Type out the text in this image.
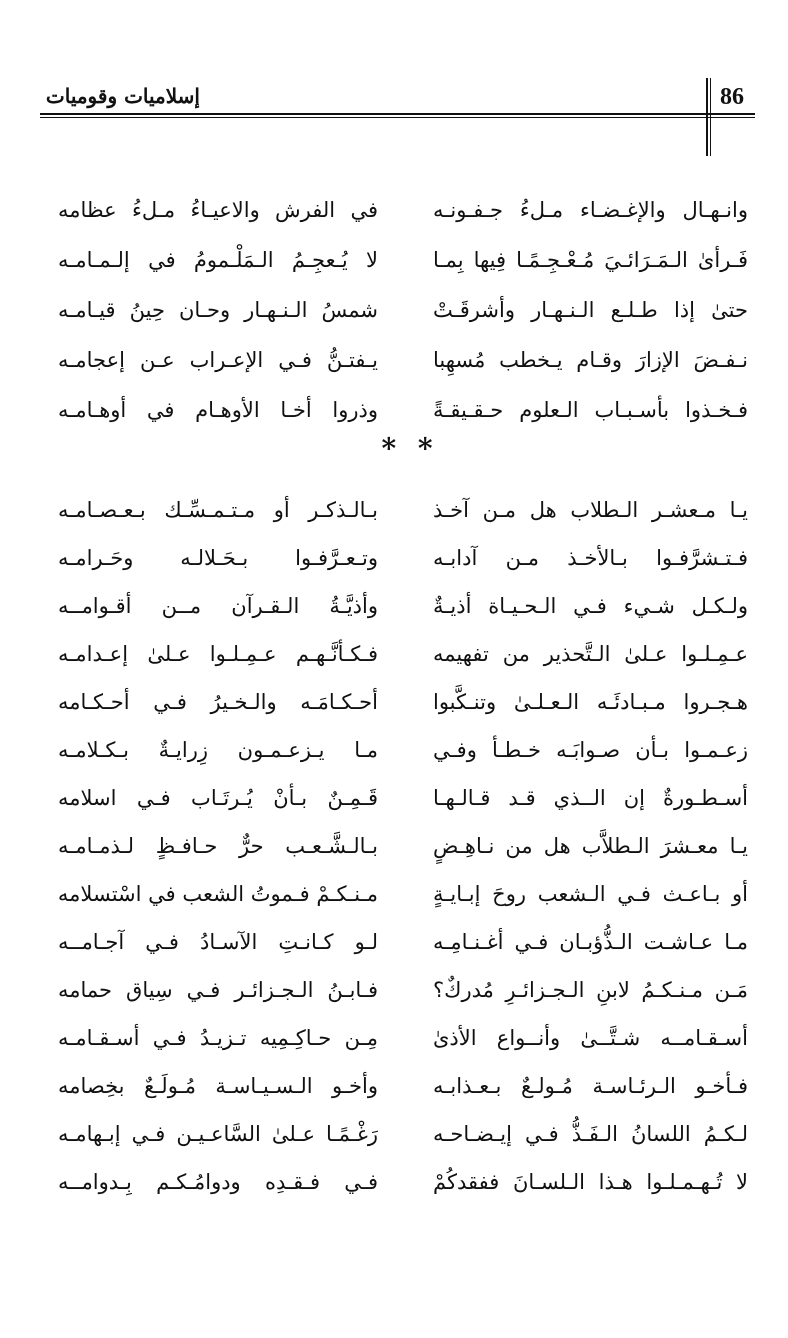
86
إسلاميات وقوميات
وانـهـال والإغـضـاء مـلءُ جـفـونـه
في الفرش والاعيـاءُ مـلءُ عظامه
فَـرأىٰ الـمَـرَائـيَ مُـعْـجِـمًـا فِيها بِمـا
لا يُـعجِـمُ الـمَلْـمومُ في إلـمـامـه
حتىٰ إذا طـلـع الـنـهـار وأشرقَـتْ
شمسُ الـنـهـار وحـان حِينُ قيـامـه
نـفـضَ الإزارَ وقـام يـخطب مُسهِبا
يـفتـنُّ فـي الإعـراب عـن إعجامـه
فـخـذوا بأسـبـاب الـعلوم حـقـيقـةً
وذروا أخـا الأوهـام في أوهـامـه
* *
يـا مـعشـر الـطلاب هل مـن آخـذ
بـالـذكـر أو مـتـمـسِّـك بـعـصـامـه
فـتـشرَّفـوا بـالأخـذ مـن آدابـه
وتـعـرَّفـوا بـحَـلالـه وحَـرامـه
ولـكـل شـيء فـي الـحـيـاة أذيـةٌ
وأذيَّـةُ الـقـرآن مــن أقـوامــه
عـمِـلـوا عـلىٰ الـتَّحذير من تفهيمه
فـكـأنَّـهـم عـمِـلـوا عـلىٰ إعـدامـه
هـجـروا مـبـادئَـه الـعـلـىٰ وتنـكَّبوا
أحـكـامَـه والـخـيرُ فـي أحـكـامه
زعـمـوا بـأن صـوابَـه خـطـأ وفـي
مـا يـزعـمـون زِرايـةٌ بـكـلامـه
أسـطـورةٌ إن الــذي قـد قـالـهـا
قَـمِـنٌ بـأنْ يُـرتَـاب فـي اسلامه
يـا معـشرَ الـطلاَّب هل من نـاهِـضٍ
بـالـشَّـعـب حرٌّ حـافـظٍ لـذمـامـه
أو بـاعـث فـي الـشعب روحَ إبـايـةٍ
مـنـكـمْ فـموتُ الشعب في اسْتسلامه
مـا عـاشـت الـذُّؤبـان فـي أغـنـامِـه
لـو كـانـتِ الآسـادُ فـي آجـامــه
مَـن مـنـكـمُ لابنِ الـجـزائـرِ مُدركٌ؟
فـابـنُ الـجـزائـر فـي سِياق حمامه
أسـقـامــه شـتَّــىٰ وأنــواع الأذىٰ
مِـن حـاكِـمِيه تـزيـدُ فـي أسـقـامـه
فـأخـو الـرئـاسـة مُـولـعٌ بـعـذابـه
وأخـو الـسـيـاسـة مُـولَـعٌ بخِصامه
لـكـمُ اللسانُ الـفَـذُّ فـي إيـضـاحـه
رَغْـمًـا عـلىٰ السَّاعـيـن فـي إبـهامـه
لا تُـهـمـلـوا هـذا الـلسـانَ ففقدكُمْ
فـي فـقـدِه ودوامُـكـم بِـدوامــه
